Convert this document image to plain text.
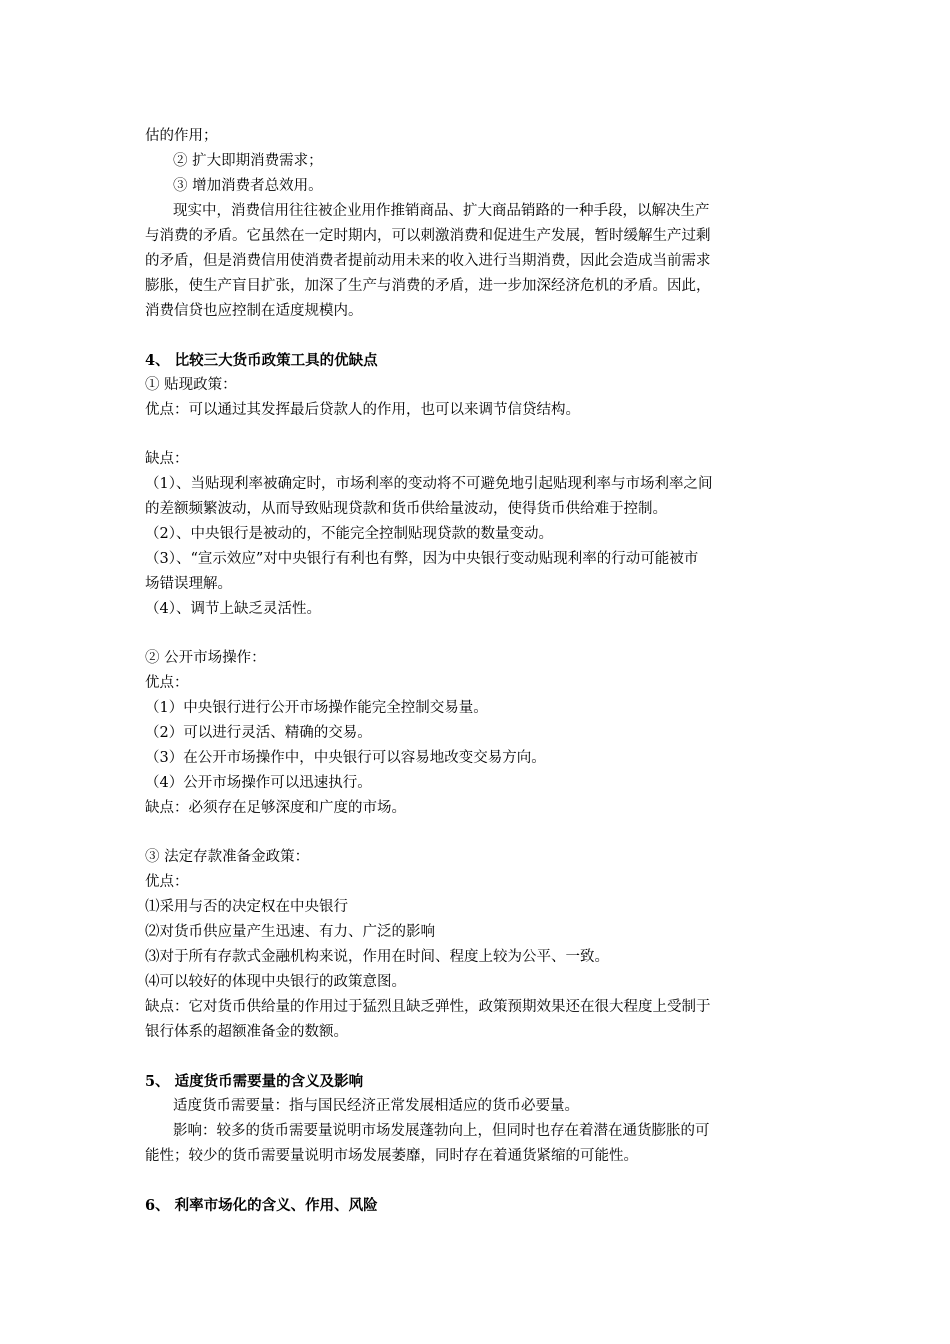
估的作用；
② 扩大即期消费需求；
③ 增加消费者总效用。
现实中，消费信用往往被企业用作推销商品、扩大商品销路的一种手段，以解决生产
与消费的矛盾。它虽然在一定时期内，可以刺激消费和促进生产发展，暂时缓解生产过剩
的矛盾，但是消费信用使消费者提前动用未来的收入进行当期消费，因此会造成当前需求
膨胀，使生产盲目扩张，加深了生产与消费的矛盾，进一步加深经济危机的矛盾。因此，
消费信贷也应控制在适度规模内。
4、 比较三大货币政策工具的优缺点
① 贴现政策：
优点：可以通过其发挥最后贷款人的作用，也可以来调节信贷结构。
缺点：
（1）、当贴现利率被确定时，市场利率的变动将不可避免地引起贴现利率与市场利率之间
的差额频繁波动，从而导致贴现贷款和货币供给量波动，使得货币供给难于控制。
（2）、中央银行是被动的，不能完全控制贴现贷款的数量变动。
（3）、“宣示效应”对中央银行有利也有弊，因为中央银行变动贴现利率的行动可能被市
场错误理解。
（4）、调节上缺乏灵活性。
② 公开市场操作：
优点：
（1）中央银行进行公开市场操作能完全控制交易量。
（2）可以进行灵活、精确的交易。
（3）在公开市场操作中，中央银行可以容易地改变交易方向。
（4）公开市场操作可以迅速执行。
缺点：必须存在足够深度和广度的市场。
③ 法定存款准备金政策：
优点：
⑴采用与否的决定权在中央银行
⑵对货币供应量产生迅速、有力、广泛的影响
⑶对于所有存款式金融机构来说，作用在时间、程度上较为公平、一致。
⑷可以较好的体现中央银行的政策意图。
缺点：它对货币供给量的作用过于猛烈且缺乏弹性，政策预期效果还在很大程度上受制于
银行体系的超额准备金的数额。
5、 适度货币需要量的含义及影响
适度货币需要量：指与国民经济正常发展相适应的货币必要量。
影响：较多的货币需要量说明市场发展蓬勃向上，但同时也存在着潜在通货膨胀的可
能性；较少的货币需要量说明市场发展萎靡，同时存在着通货紧缩的可能性。
6、 利率市场化的含义、作用、风险
